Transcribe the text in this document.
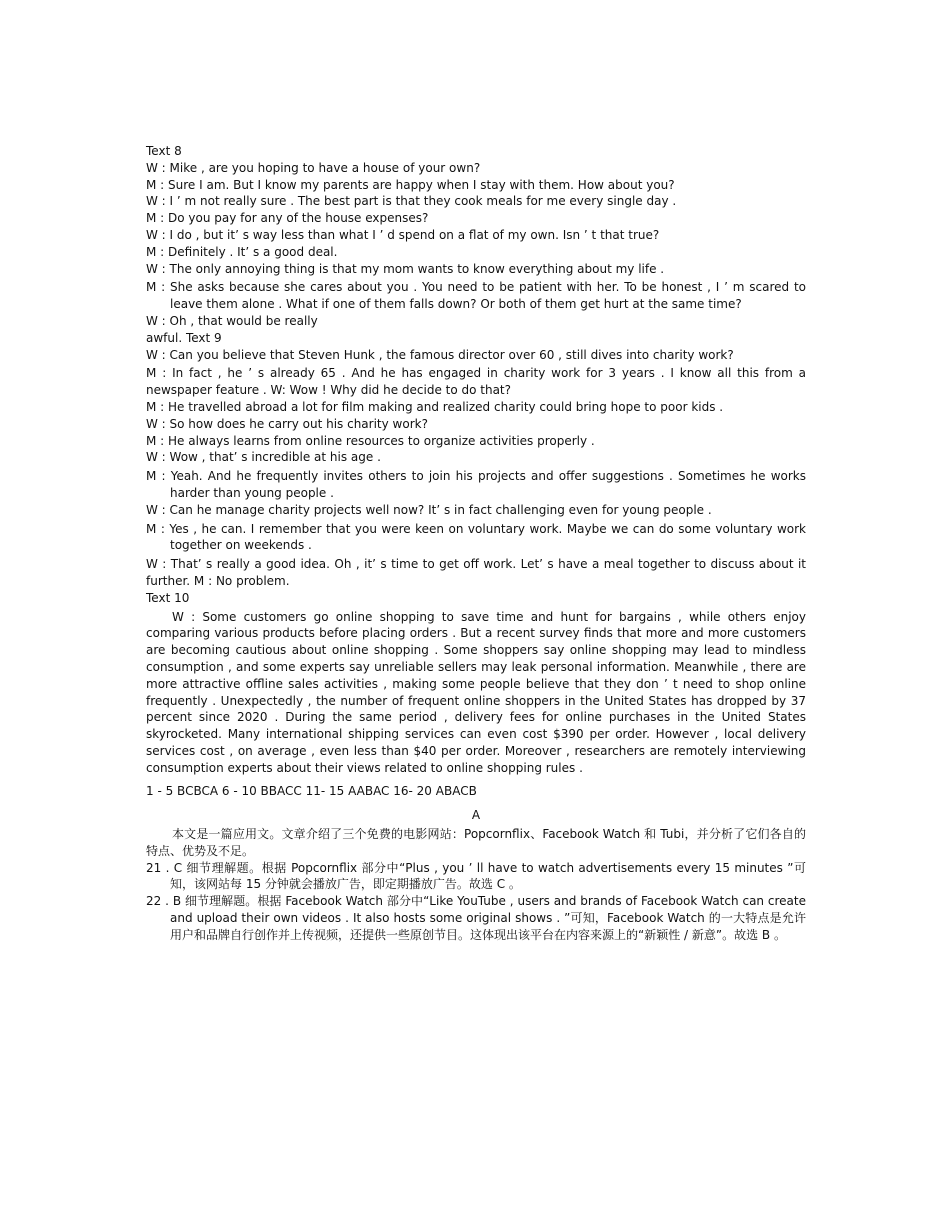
Text 8
W : Mike , are you hoping to have a house of your own?
M : Sure I am. But I know my parents are happy when I stay with them. How about you?
W : I ’ m not really sure . The best part is that they cook meals for me every single day .
M : Do you pay for any of the house expenses?
W : I do , but it’ s way less than what I ’ d spend on a flat of my own. Isn ’ t that true?
M : Definitely . It’ s a good deal.
W : The only annoying thing is that my mom wants to know everything about my life .
M : She asks because she cares about you . You need to be patient with her. To be honest , I ’ m scared to leave them alone . What if one of them falls down? Or both of them get hurt at the same time?
W : Oh , that would be really
awful. Text 9
W : Can you believe that Steven Hunk , the famous director over 60 , still dives into charity work?
M : In fact , he ’ s already 65 . And he has engaged in charity work for 3 years . I know all this from a newspaper feature . W: Wow ! Why did he decide to do that?
M : He travelled abroad a lot for film making and realized charity could bring hope to poor kids .
W : So how does he carry out his charity work?
M : He always learns from online resources to organize activities properly .
W : Wow , that’ s incredible at his age .
M : Yeah. And he frequently invites others to join his projects and offer suggestions . Sometimes he works harder than young people .
W : Can he manage charity projects well now? It’ s in fact challenging even for young people .
M : Yes , he can. I remember that you were keen on voluntary work. Maybe we can do some voluntary work together on weekends .
W : That’ s really a good idea. Oh , it’ s time to get off work. Let’ s have a meal together to discuss about it further. M : No problem.
Text 10
W : Some customers go online shopping to save time and hunt for bargains , while others enjoy comparing various products before placing orders . But a recent survey finds that more and more customers are becoming cautious about online shopping . Some shoppers say online shopping may lead to mindless consumption , and some experts say unreliable sellers may leak personal information. Meanwhile , there are more attractive offline sales activities , making some people believe that they don ’ t need to shop online frequently . Unexpectedly , the number of frequent online shoppers in the United States has dropped by 37 percent since 2020 . During the same period , delivery fees for online purchases in the United States skyrocketed. Many international shipping services can even cost $390 per order. However , local delivery services cost , on average , even less than $40 per order. Moreover , researchers are remotely interviewing consumption experts about their views related to online shopping rules .
1 - 5 BCBCA 6 - 10 BBACC 11- 15 AABAC 16- 20 ABACB
A
本文是一篇应用文。文章介绍了三个免费的电影网站：Popcornflix、Facebook Watch 和 Tubi，并分析了它们各自的特点、优势及不足。
21 . C 细节理解题。根据 Popcornflix 部分中“Plus , you ’ ll have to watch advertisements every 15 minutes ”可知，该网站每 15 分钟就会播放广告，即定期播放广告。故选 C 。
22 . B 细节理解题。根据 Facebook Watch 部分中“Like YouTube , users and brands of Facebook Watch can create and upload their own videos . It also hosts some original shows . ”可知，Facebook Watch 的一大特点是允许用户和品牌自行创作并上传视频，还提供一些原创节目。这体现出该平台在内容来源上的“新颖性 / 新意”。故选 B 。
